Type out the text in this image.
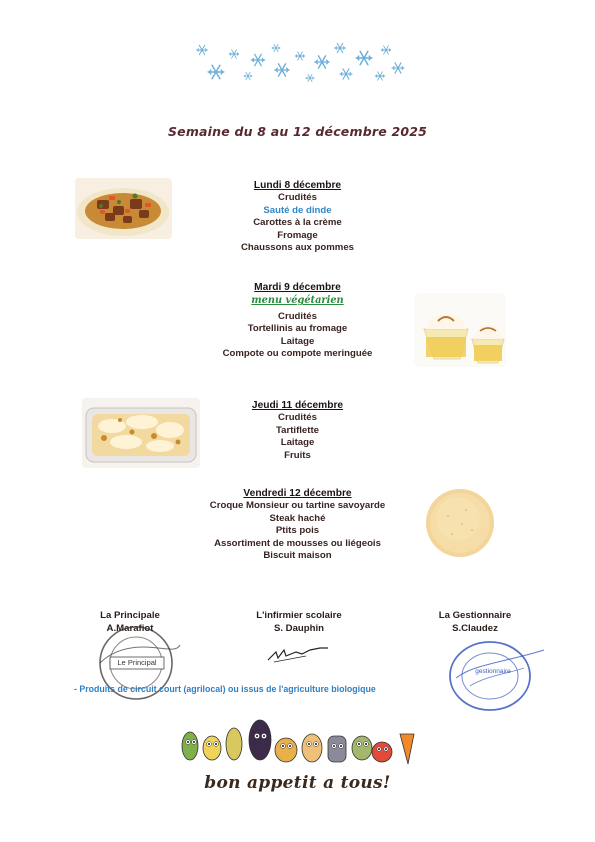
Semaine du 8 au 12 décembre 2025
Lundi 8 décembre
Crudités
Sauté de dinde
Carottes à la crème
Fromage
Chaussons aux pommes
Mardi 9 décembre
menu végétarien
Crudités
Tortellinis au fromage
Laitage
Compote ou compote meringuée
Jeudi 11 décembre
Crudités
Tartiflette
Laitage
Fruits
Vendredi 12 décembre
Croque Monsieur ou tartine savoyarde
Steak haché
Ptits pois
Assortiment de mousses ou liégeois
Biscuit maison
La Principale
A.Marafiot
Le Principal
L'infirmier scolaire
S. Dauphin
La Gestionnaire
S.Claudez
gestionnaire
- Produits de circuit court (agrilocal) ou issus de l'agriculture biologique
bon appetit a tous!
